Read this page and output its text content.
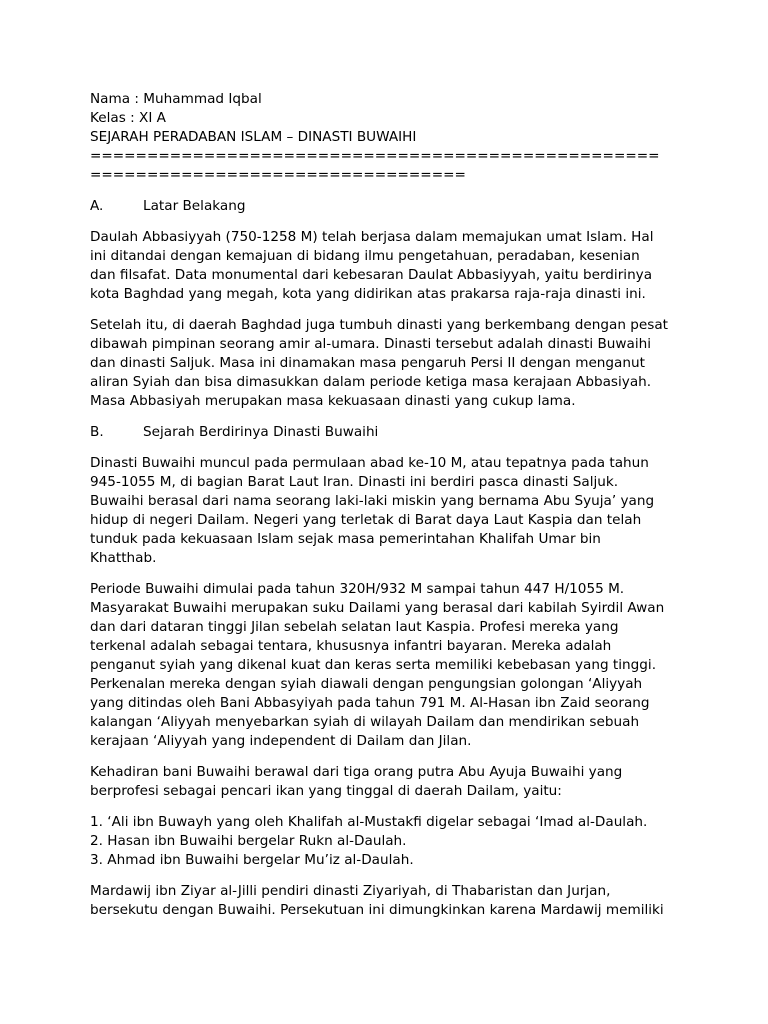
Nama : Muhammad Iqbal
Kelas : XI A
SEJARAH PERADABAN ISLAM – DINASTI BUWAIHI
==================================================
=================================
A.	Latar Belakang
Daulah Abbasiyyah (750-1258 M) telah berjasa dalam memajukan umat Islam. Hal
ini ditandai dengan kemajuan di bidang ilmu pengetahuan, peradaban, kesenian
dan filsafat. Data monumental dari kebesaran Daulat Abbasiyyah, yaitu berdirinya
kota Baghdad yang megah, kota yang didirikan atas prakarsa raja-raja dinasti ini.
Setelah itu, di daerah Baghdad juga tumbuh dinasti yang berkembang dengan pesat
dibawah pimpinan seorang amir al-umara. Dinasti tersebut adalah dinasti Buwaihi
dan dinasti Saljuk. Masa ini dinamakan masa pengaruh Persi II dengan menganut
aliran Syiah dan bisa dimasukkan dalam periode ketiga masa kerajaan Abbasiyah.
Masa Abbasiyah merupakan masa kekuasaan dinasti yang cukup lama.
B.	Sejarah Berdirinya Dinasti Buwaihi
Dinasti Buwaihi muncul pada permulaan abad ke-10 M, atau tepatnya pada tahun
945-1055 M, di bagian Barat Laut Iran. Dinasti ini berdiri pasca dinasti Saljuk.
Buwaihi berasal dari nama seorang laki-laki miskin yang bernama Abu Syuja’ yang
hidup di negeri Dailam. Negeri yang terletak di Barat daya Laut Kaspia dan telah
tunduk pada kekuasaan Islam sejak masa pemerintahan Khalifah Umar bin
Khatthab.
Periode Buwaihi dimulai pada tahun 320H/932 M sampai tahun 447 H/1055 M.
Masyarakat Buwaihi merupakan suku Dailami yang berasal dari kabilah Syirdil Awan
dan dari dataran tinggi Jilan sebelah selatan laut Kaspia. Profesi mereka yang
terkenal adalah sebagai tentara, khususnya infantri bayaran. Mereka adalah
penganut syiah yang dikenal kuat dan keras serta memiliki kebebasan yang tinggi.
Perkenalan mereka dengan syiah diawali dengan pengungsian golongan ‘Aliyyah
yang ditindas oleh Bani Abbasyiyah pada tahun 791 M. Al-Hasan ibn Zaid seorang
kalangan ‘Aliyyah menyebarkan syiah di wilayah Dailam dan mendirikan sebuah
kerajaan ‘Aliyyah yang independent di Dailam dan Jilan.
Kehadiran bani Buwaihi berawal dari tiga orang putra Abu Ayuja Buwaihi yang
berprofesi sebagai pencari ikan yang tinggal di daerah Dailam, yaitu:
1. ‘Ali ibn Buwayh yang oleh Khalifah al-Mustakfi digelar sebagai ‘Imad al-Daulah.
2. Hasan ibn Buwaihi bergelar Rukn al-Daulah.
3. Ahmad ibn Buwaihi bergelar Mu’iz al-Daulah.
Mardawij ibn Ziyar al-Jilli pendiri dinasti Ziyariyah, di Thabaristan dan Jurjan,
bersekutu dengan Buwaihi. Persekutuan ini dimungkinkan karena Mardawij memiliki
